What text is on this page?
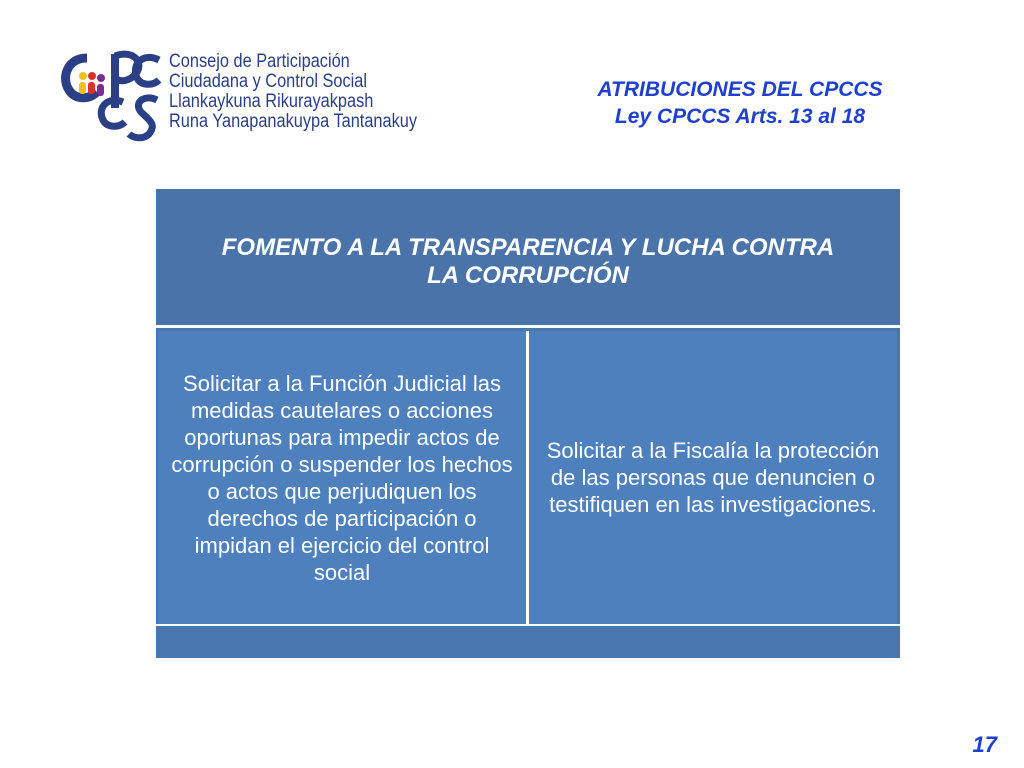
Consejo de Participación
Ciudadana y Control Social
Llankaykuna Rikurayakpash
Runa Yanapanakuypa Tantanakuy
ATRIBUCIONES DEL CPCCS
Ley CPCCS Arts. 13 al 18
FOMENTO A LA TRANSPARENCIA Y LUCHA CONTRA LA CORRUPCIÓN
Solicitar a la Función Judicial las medidas cautelares o acciones oportunas para impedir actos de corrupción o suspender los hechos o actos que perjudiquen los derechos de participación o impidan el ejercicio del control social
Solicitar a la Fiscalía la protección de las personas que denuncien o testifiquen en las investigaciones.
17
